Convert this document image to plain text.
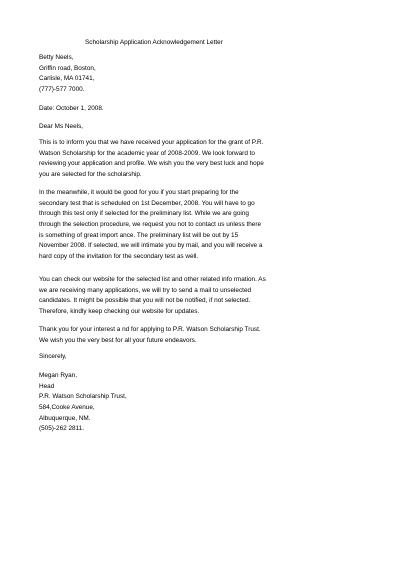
Scholarship Application Acknowledgement Letter
Betty Neels,
Griffin road, Boston,
Carlisle, MA 01741,
(777)-577 7000.
Date: October 1, 2008.
Dear Ms Neels,
This is to inform you that we have received your application for the grant of P.R.
Watson Scholarship for the academic year of 2008-2009. We look forward to
reviewing your application and profile. We wish you the very best luck and hope
you are selected for the scholarship.
In the meanwhile, it would be good for you if you start preparing for the
secondary test that is scheduled on 1st December, 2008. You will have to go
through this test only if selected for the preliminary list. While we are going
through the selection procedure, we request you not to contact us unless there
is something of great import ance. The preliminary list will be out by 15
November 2008. If selected, we will intimate you by mail, and you will receive a
hard copy of the invitation for the secondary test as well.
You can check our website for the selected list and other related info rmation. As
we are receiving many applications, we will try to send a mail to unselected
candidates. It might be possible that you will not be notified, if not selected.
Therefore, kindly keep checking our website for updates.
Thank you for your interest a nd for applying to P.R. Watson Scholarship Trust.
We wish you the very best for all your future endeavors.
Sincerely,
Megan Ryan,
Head
P.R. Watson Scholarship Trust,
584,Cooke Avenue,
Albuquerque, NM.
(505)-262 2811.
